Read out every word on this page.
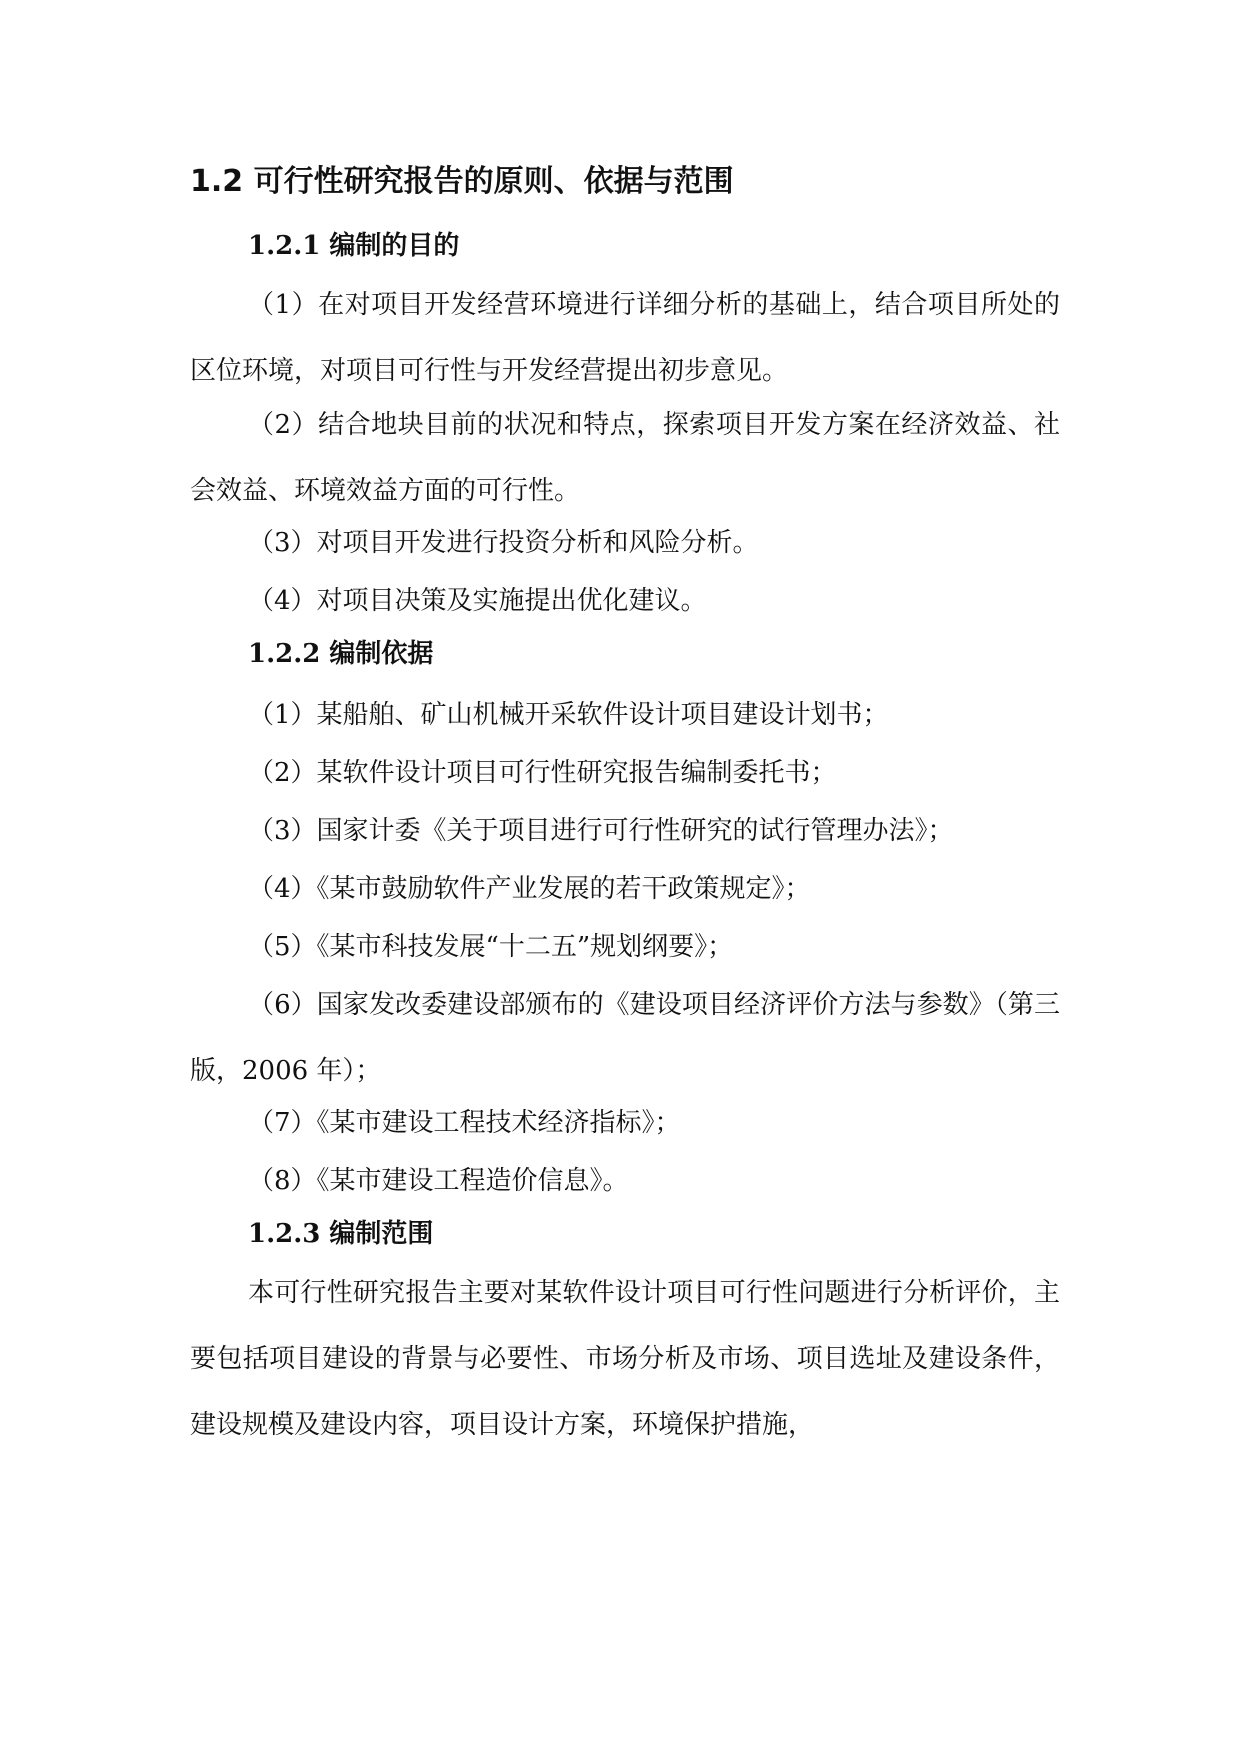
1.2 可行性研究报告的原则、依据与范围
1.2.1 编制的目的

（1）在对项目开发经营环境进行详细分析的基础上，结合项目所处的区位环境，对项目可行性与开发经营提出初步意见。

（2）结合地块目前的状况和特点，探索项目开发方案在经济效益、社会效益、环境效益方面的可行性。

（3）对项目开发进行投资分析和风险分析。

（4）对项目决策及实施提出优化建议。

1.2.2 编制依据

（1）某船舶、矿山机械开采软件设计项目建设计划书；

（2）某软件设计项目可行性研究报告编制委托书；

（3）国家计委《关于项目进行可行性研究的试行管理办法》；

（4）《某市鼓励软件产业发展的若干政策规定》；

（5）《某市科技发展“十二五”规划纲要》；

（6）国家发改委建设部颁布的《建设项目经济评价方法与参数》（第三版，2006 年）；

（7）《某市建设工程技术经济指标》；

（8）《某市建设工程造价信息》。

1.2.3 编制范围

本可行性研究报告主要对某软件设计项目可行性问题进行分析评价，主要包括项目建设的背景与必要性、市场分析及市场、项目选址及建设条件，建设规模及建设内容，项目设计方案，环境保护措施，
